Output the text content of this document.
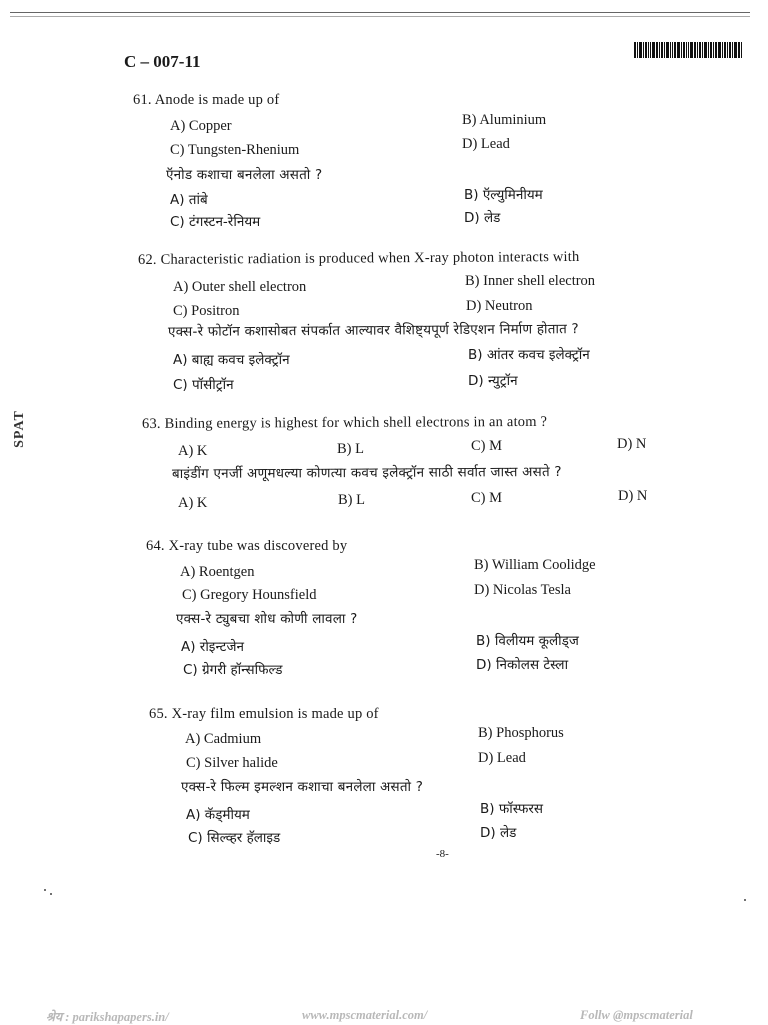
C – 007-11
SPAT
61. Anode is made up of
A) Copper	B) Aluminium
C) Tungsten-Rhenium	D) Lead
ऍनोड कशाचा बनलेला असतो ?
A) तांबे	B) ऍल्युमिनीयम
C) टंगस्टन-रेनियम	D) लेड
62. Characteristic radiation is produced when X-ray photon interacts with
A) Outer shell electron	B) Inner shell electron
C) Positron	D) Neutron
एक्स-रे फोटॉन कशासोबत संपर्कात आल्यावर वैशिष्ट्यपूर्ण रेडिएशन निर्माण होतात ?
A) बाह्य कवच इलेक्ट्रॉन	B) आंतर कवच इलेक्ट्रॉन
C) पॉसीट्रॉन	D) न्युट्रॉन
63. Binding energy is highest for which shell electrons in an atom ?
A) K	B) L	C) M	D) N
बाइंडींग एनर्जी अणूमधल्या कोणत्या कवच इलेक्ट्रॉन साठी सर्वात जास्त असते ?
A) K	B) L	C) M	D) N
64. X-ray tube was discovered by
A) Roentgen	B) William Coolidge
C) Gregory Hounsfield	D) Nicolas Tesla
एक्स-रे ट्युबचा शोध कोणी लावला ?
A) रोइन्टजेन	B) विलीयम कूलीड्ज
C) ग्रेगरी हॉन्सफिल्ड	D) निकोलस टेस्ला
65. X-ray film emulsion is made up of
A) Cadmium	B) Phosphorus
C) Silver halide	D) Lead
एक्स-रे फिल्म इमल्शन कशाचा बनलेला असतो ?
A) कॅड्मीयम	B) फॉस्फरस
C) सिल्व्हर हॅलाइड	D) लेड
-8-
श्रेय : parikshapapers.in/	www.mpscmaterial.com/	Follw @mpscmaterial
